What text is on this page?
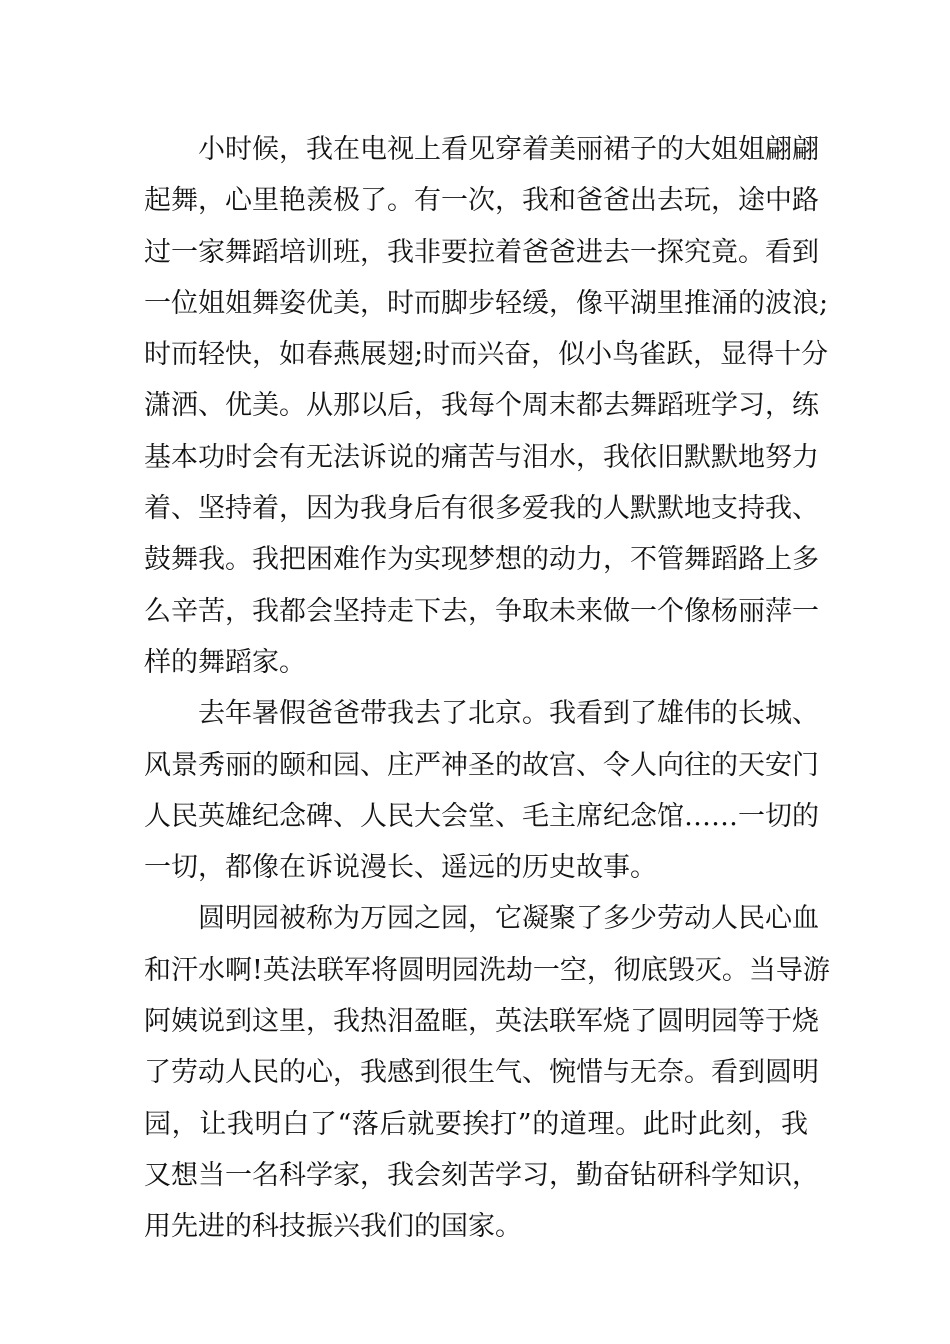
小时候，我在电视上看见穿着美丽裙子的大姐姐翩翩
起舞，心里艳羡极了。有一次，我和爸爸出去玩，途中路
过一家舞蹈培训班，我非要拉着爸爸进去一探究竟。看到
一位姐姐舞姿优美，时而脚步轻缓，像平湖里推涌的波浪;
时而轻快，如春燕展翅;时而兴奋，似小鸟雀跃，显得十分
潇洒、优美。从那以后，我每个周末都去舞蹈班学习，练
基本功时会有无法诉说的痛苦与泪水，我依旧默默地努力
着、坚持着，因为我身后有很多爱我的人默默地支持我、
鼓舞我。我把困难作为实现梦想的动力，不管舞蹈路上多
么辛苦，我都会坚持走下去，争取未来做一个像杨丽萍一
样的舞蹈家。
去年暑假爸爸带我去了北京。我看到了雄伟的长城、
风景秀丽的颐和园、庄严神圣的故宫、令人向往的天安门
人民英雄纪念碑、人民大会堂、毛主席纪念馆……一切的
一切，都像在诉说漫长、遥远的历史故事。
圆明园被称为万园之园，它凝聚了多少劳动人民心血
和汗水啊!英法联军将圆明园洗劫一空，彻底毁灭。当导游
阿姨说到这里，我热泪盈眶，英法联军烧了圆明园等于烧
了劳动人民的心，我感到很生气、惋惜与无奈。看到圆明
园，让我明白了“落后就要挨打”的道理。此时此刻，我
又想当一名科学家，我会刻苦学习，勤奋钻研科学知识，
用先进的科技振兴我们的国家。
